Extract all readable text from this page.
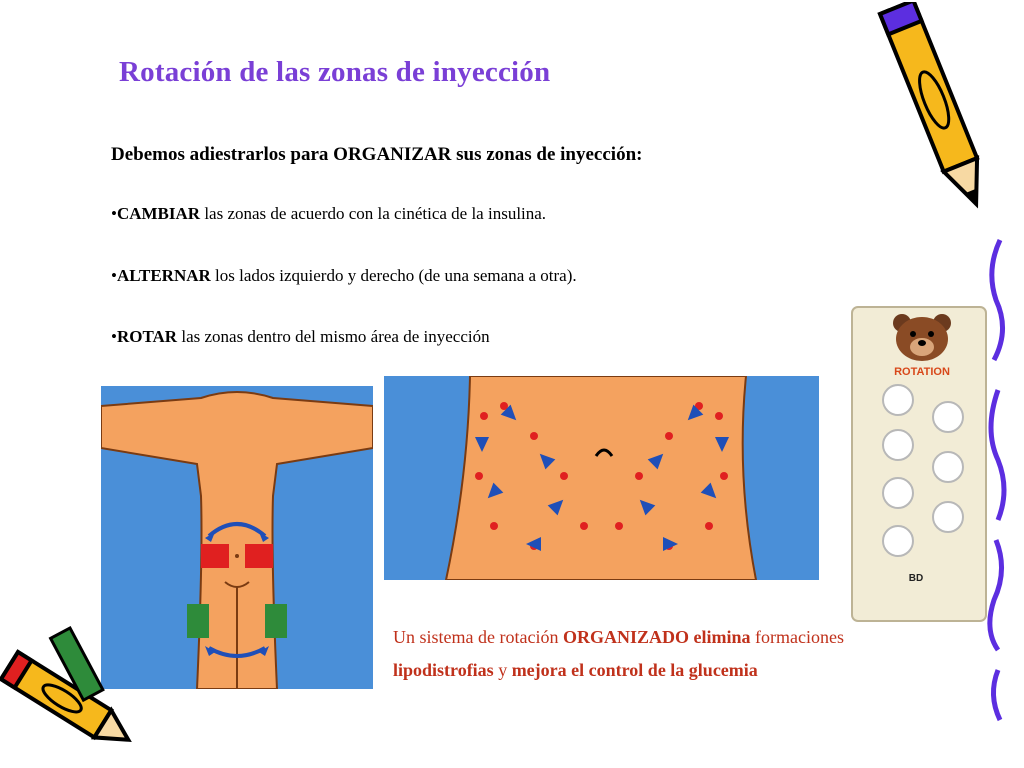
Rotación de las zonas de inyección
Debemos adiestrarlos para ORGANIZAR sus zonas de inyección:
•CAMBIAR las zonas de acuerdo con la cinética de la insulina.
•ALTERNAR los lados izquierdo y derecho (de una semana a otra).
•ROTAR las zonas dentro del mismo área de inyección
Un sistema de rotación ORGANIZADO elimina formaciones lipodistrofias y mejora el control de la glucemia
ROTATION
BD
